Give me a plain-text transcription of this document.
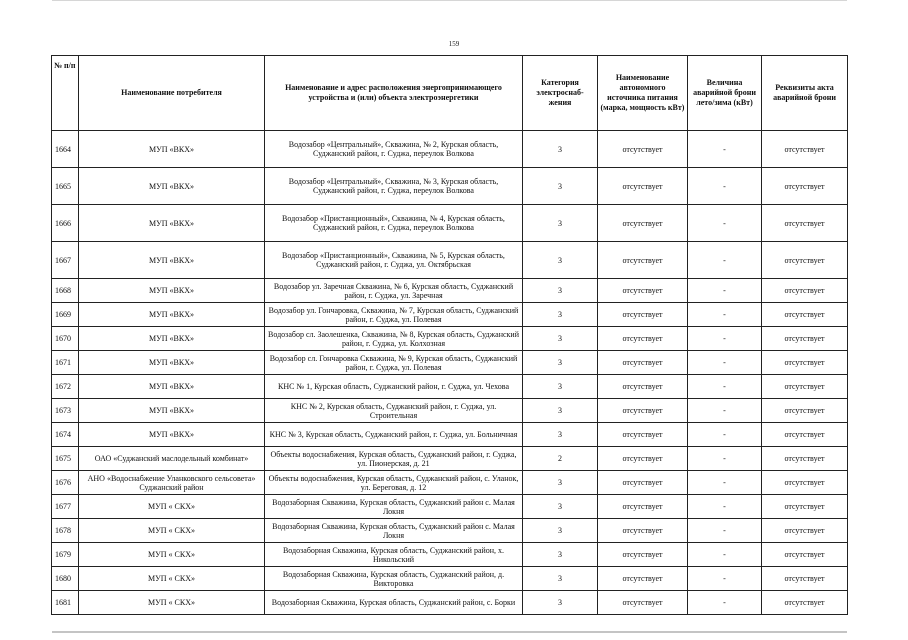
159
№ п/п	Наименование потребителя	Наименование и адрес расположения энергопринимающего устройства и (или) объекта электроэнергетики	Категория электроснаб-жения	Наименование автономного источника питания (марка, мощность кВт)	Величина аварийной брони лето/зима (кВт)	Реквизиты акта аварийной брони
1664	МУП «ВКХ»	Водозабор «Центральный», Скважина, № 2, Курская область, Суджанский район, г. Суджа, переулок Волкова	3	отсутствует	-	отсутствует
1665	МУП «ВКХ»	Водозабор «Центральный», Скважина, № 3, Курская область, Суджанский район, г. Суджа, переулок Волкова	3	отсутствует	-	отсутствует
1666	МУП «ВКХ»	Водозабор «Пристанционный», Скважина, № 4, Курская область, Суджанский район, г. Суджа, переулок Волкова	3	отсутствует	-	отсутствует
1667	МУП «ВКХ»	Водозабор «Пристанционный», Скважина, № 5, Курская область, Суджанский район, г. Суджа, ул. Октябрьская	3	отсутствует	-	отсутствует
1668	МУП «ВКХ»	Водозабор ул. Заречная Скважина, № 6, Курская область, Суджанский район, г. Суджа, ул. Заречная	3	отсутствует	-	отсутствует
1669	МУП «ВКХ»	Водозабор ул. Гончаровка, Скважина, № 7, Курская область, Суджанский район, г. Суджа, ул. Полевая	3	отсутствует	-	отсутствует
1670	МУП «ВКХ»	Водозабор сл. Заолешенка, Скважина, № 8, Курская область, Суджанский район, г. Суджа, ул. Колхозная	3	отсутствует	-	отсутствует
1671	МУП «ВКХ»	Водозабор сл. Гончаровка Скважина, № 9, Курская область, Суджанский район, г. Суджа, ул. Полевая	3	отсутствует	-	отсутствует
1672	МУП «ВКХ»	КНС № 1, Курская область, Суджанский район, г. Суджа, ул. Чехова	3	отсутствует	-	отсутствует
1673	МУП «ВКХ»	КНС № 2, Курская область, Суджанский район, г. Суджа, ул. Строительная	3	отсутствует	-	отсутствует
1674	МУП «ВКХ»	КНС № 3, Курская область, Суджанский район, г. Суджа, ул. Больничная	3	отсутствует	-	отсутствует
1675	ОАО «Суджанский маслодельный комбинат»	Объекты водоснабжения, Курская область, Суджанский район, г. Суджа, ул. Пионерская, д. 21	2	отсутствует	-	отсутствует
1676	АНО «Водоснабжение Уланковского сельсовета» Суджанский район	Объекты водоснабжения, Курская область, Суджанский район, с. Уланок, ул. Береговая, д. 12	3	отсутствует	-	отсутствует
1677	МУП « СКХ»	Водозаборная Скважина, Курская область, Суджанский район с. Малая Локня	3	отсутствует	-	отсутствует
1678	МУП « СКХ»	Водозаборная Скважина, Курская область, Суджанский район с. Малая Локня	3	отсутствует	-	отсутствует
1679	МУП « СКХ»	Водозаборная Скважина, Курская область, Суджанский район, х. Никольский	3	отсутствует	-	отсутствует
1680	МУП « СКХ»	Водозаборная Скважина, Курская область, Суджанский район, д. Викторовка	3	отсутствует	-	отсутствует
1681	МУП « СКХ»	Водозаборная Скважина, Курская область, Суджанский район, с. Борки	3	отсутствует	-	отсутствует
